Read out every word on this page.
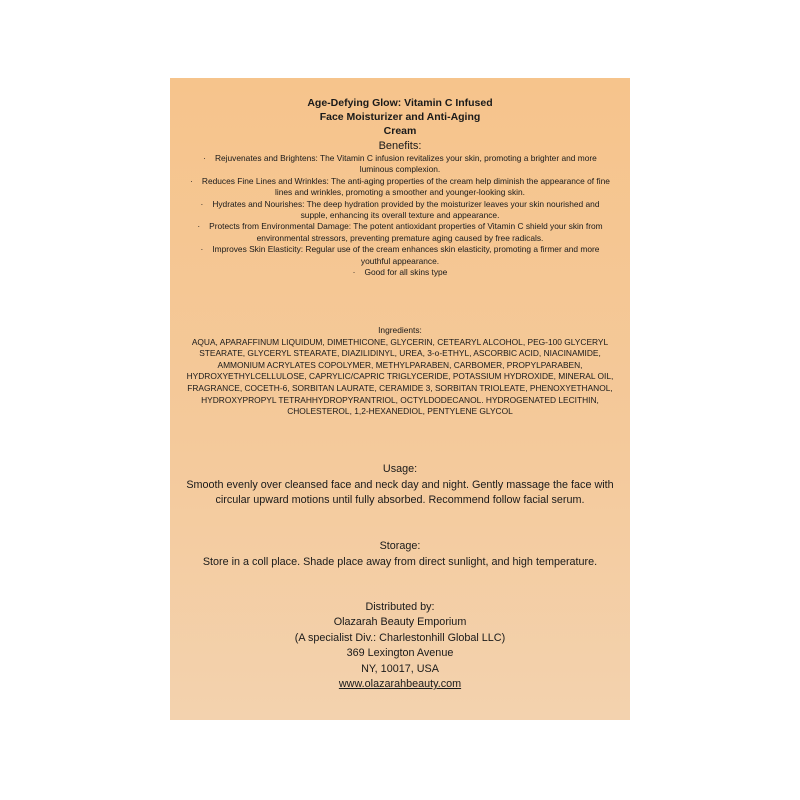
Age-Defying Glow: Vitamin C Infused
Face Moisturizer and Anti-Aging
Cream
Benefits:

· Rejuvenates and Brightens: The Vitamin C infusion revitalizes your skin, promoting a brighter and more luminous complexion.

· Reduces Fine Lines and Wrinkles: The anti-aging properties of the cream help diminish the appearance of fine lines and wrinkles, promoting a smoother and younger-looking skin.

· Hydrates and Nourishes: The deep hydration provided by the moisturizer leaves your skin nourished and supple, enhancing its overall texture and appearance.

· Protects from Environmental Damage: The potent antioxidant properties of Vitamin C shield your skin from environmental stressors, preventing premature aging caused by free radicals.

· Improves Skin Elasticity: Regular use of the cream enhances skin elasticity, promoting a firmer and more youthful appearance.

· Good for all skins type

Ingredients:
AQUA, APARAFFINUM LIQUIDUM, DIMETHICONE, GLYCERIN, CETEARYL ALCOHOL, PEG-100 GLYCERYL STEARATE, GLYCERYL STEARATE, DIAZILIDINYL, UREA, 3-o-ETHYL, ASCORBIC ACID, NIACINAMIDE, AMMONIUM ACRYLATES COPOLYMER, METHYLPARABEN, CARBOMER, PROPYLPARABEN, HYDROXYETHYLCELLULOSE, CAPRYLIC/CAPRIC TRIGLYCERIDE, POTASSIUM HYDROXIDE, MINERAL OIL, FRAGRANCE, COCETH-6, SORBITAN LAURATE, CERAMIDE 3, SORBITAN TRIOLEATE, PHENOXYETHANOL, HYDROXYPROPYL TETRAHHYDROPYRANTRIOL, OCTYLDODECANOL. HYDROGENATED LECITHIN, CHOLESTEROL, 1,2-HEXANEDIOL, PENTYLENE GLYCOL
Usage:
Smooth evenly over cleansed face and neck day and night. Gently massage the face with circular upward motions until fully absorbed. Recommend follow facial serum.
Storage:
Store in a coll place. Shade place away from direct sunlight, and high temperature.
Distributed by:
Olazarah Beauty Emporium
(A specialist Div.: Charlestonhill Global LLC)
369 Lexington Avenue
NY, 10017, USA
www.olazarahbeauty.com
